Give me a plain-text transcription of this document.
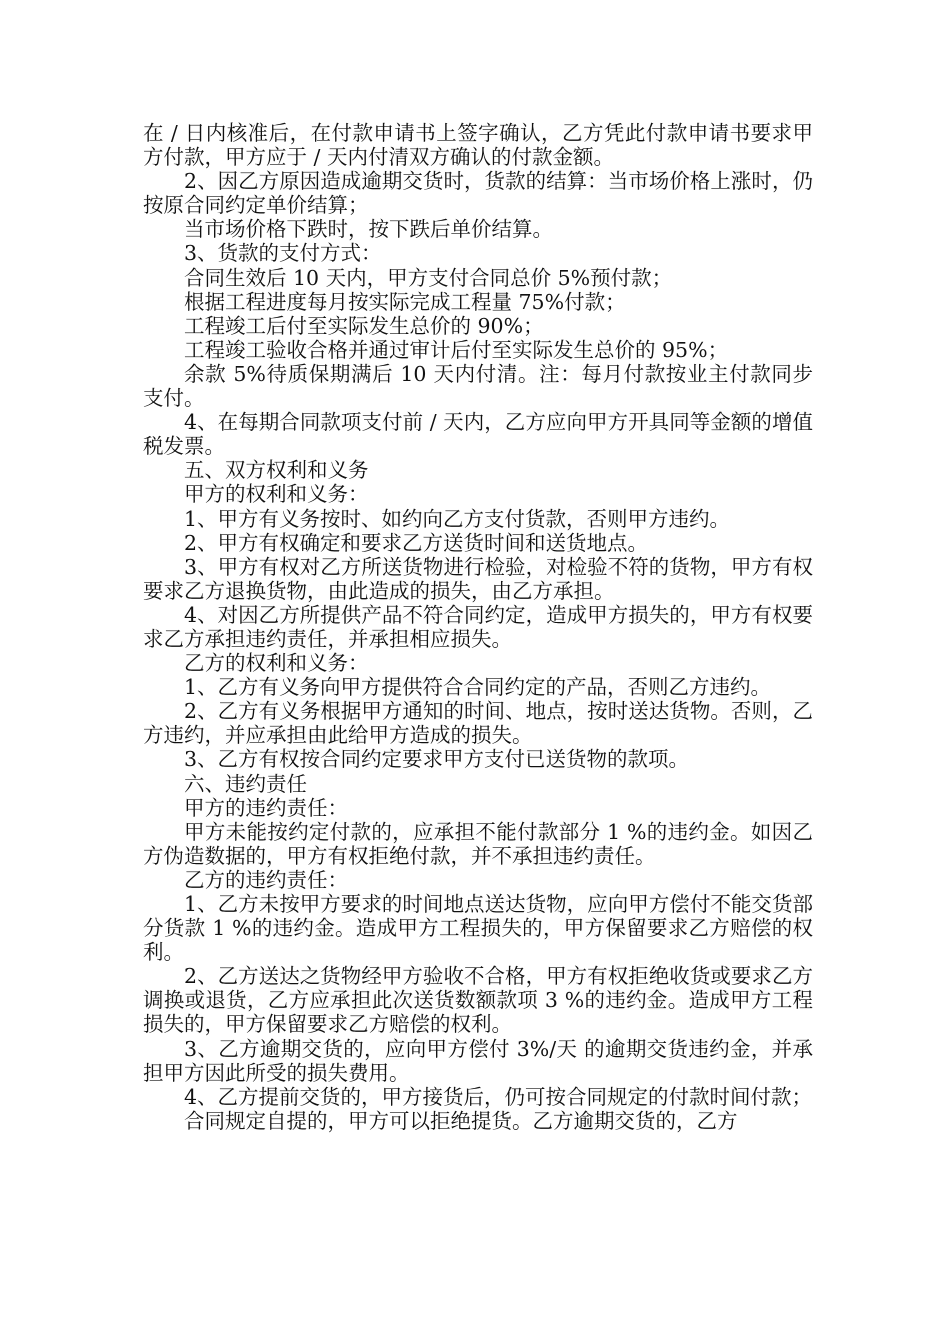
在 / 日内核准后，在付款申请书上签字确认，乙方凭此付款申请书要求甲方付款，甲方应于 / 天内付清双方确认的付款金额。

2、因乙方原因造成逾期交货时，货款的结算：当市场价格上涨时，仍按原合同约定单价结算；

当市场价格下跌时，按下跌后单价结算。

3、货款的支付方式：

合同生效后 10 天内，甲方支付合同总价 5%预付款；

根据工程进度每月按实际完成工程量 75%付款；

工程竣工后付至实际发生总价的 90%；

工程竣工验收合格并通过审计后付至实际发生总价的 95%；

余款 5%待质保期满后 10 天内付清。注：每月付款按业主付款同步支付。

4、在每期合同款项支付前 / 天内，乙方应向甲方开具同等金额的增值税发票。

五、双方权利和义务

甲方的权利和义务：

1、甲方有义务按时、如约向乙方支付货款，否则甲方违约。

2、甲方有权确定和要求乙方送货时间和送货地点。

3、甲方有权对乙方所送货物进行检验，对检验不符的货物，甲方有权要求乙方退换货物，由此造成的损失，由乙方承担。

4、对因乙方所提供产品不符合同约定，造成甲方损失的，甲方有权要求乙方承担违约责任，并承担相应损失。

乙方的权利和义务：

1、乙方有义务向甲方提供符合合同约定的产品，否则乙方违约。

2、乙方有义务根据甲方通知的时间、地点，按时送达货物。否则，乙方违约，并应承担由此给甲方造成的损失。

3、乙方有权按合同约定要求甲方支付已送货物的款项。

六、违约责任

甲方的违约责任：

甲方未能按约定付款的，应承担不能付款部分 1 %的违约金。如因乙方伪造数据的，甲方有权拒绝付款，并不承担违约责任。

乙方的违约责任：

1、乙方未按甲方要求的时间地点送达货物，应向甲方偿付不能交货部分货款 1 %的违约金。造成甲方工程损失的，甲方保留要求乙方赔偿的权利。

2、乙方送达之货物经甲方验收不合格，甲方有权拒绝收货或要求乙方调换或退货，乙方应承担此次送货数额款项 3 %的违约金。造成甲方工程损失的，甲方保留要求乙方赔偿的权利。

3、乙方逾期交货的，应向甲方偿付 3%/天 的逾期交货违约金，并承担甲方因此所受的损失费用。

4、乙方提前交货的，甲方接货后，仍可按合同规定的付款时间付款；

合同规定自提的，甲方可以拒绝提货。乙方逾期交货的，乙方
